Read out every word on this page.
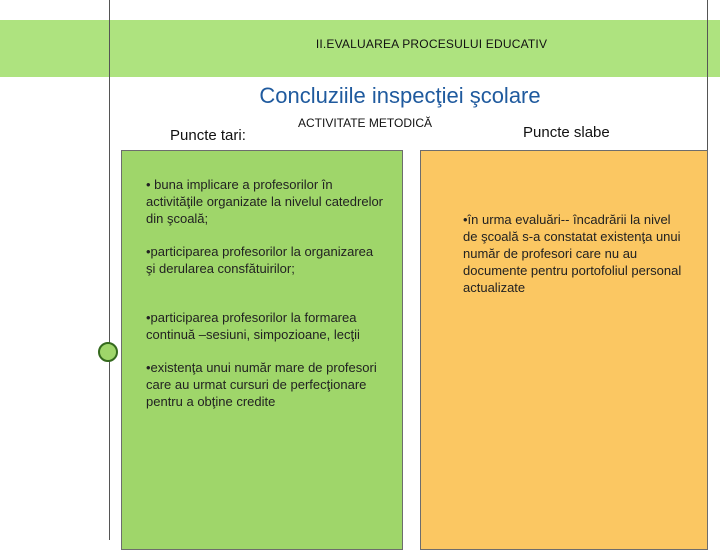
II.EVALUAREA PROCESULUI EDUCATIV
Concluziile inspecţiei şcolare
Puncte tari:
ACTIVITATE METODICĂ
Puncte slabe
• buna implicare a profesorilor în activităţile organizate la nivelul catedrelor din şcoală;
•participarea profesorilor la organizarea şi derularea consfătuirilor;
•participarea profesorilor la formarea continuă –sesiuni, simpozioane, lecţii
•existenţa unui număr mare de profesori care au urmat cursuri de perfecţionare pentru a obţine credite
•în urma evaluări-- încadrării la nivel de şcoală s-a constatat existenţa unui număr de profesori care nu au documente pentru portofoliul personal actualizate
